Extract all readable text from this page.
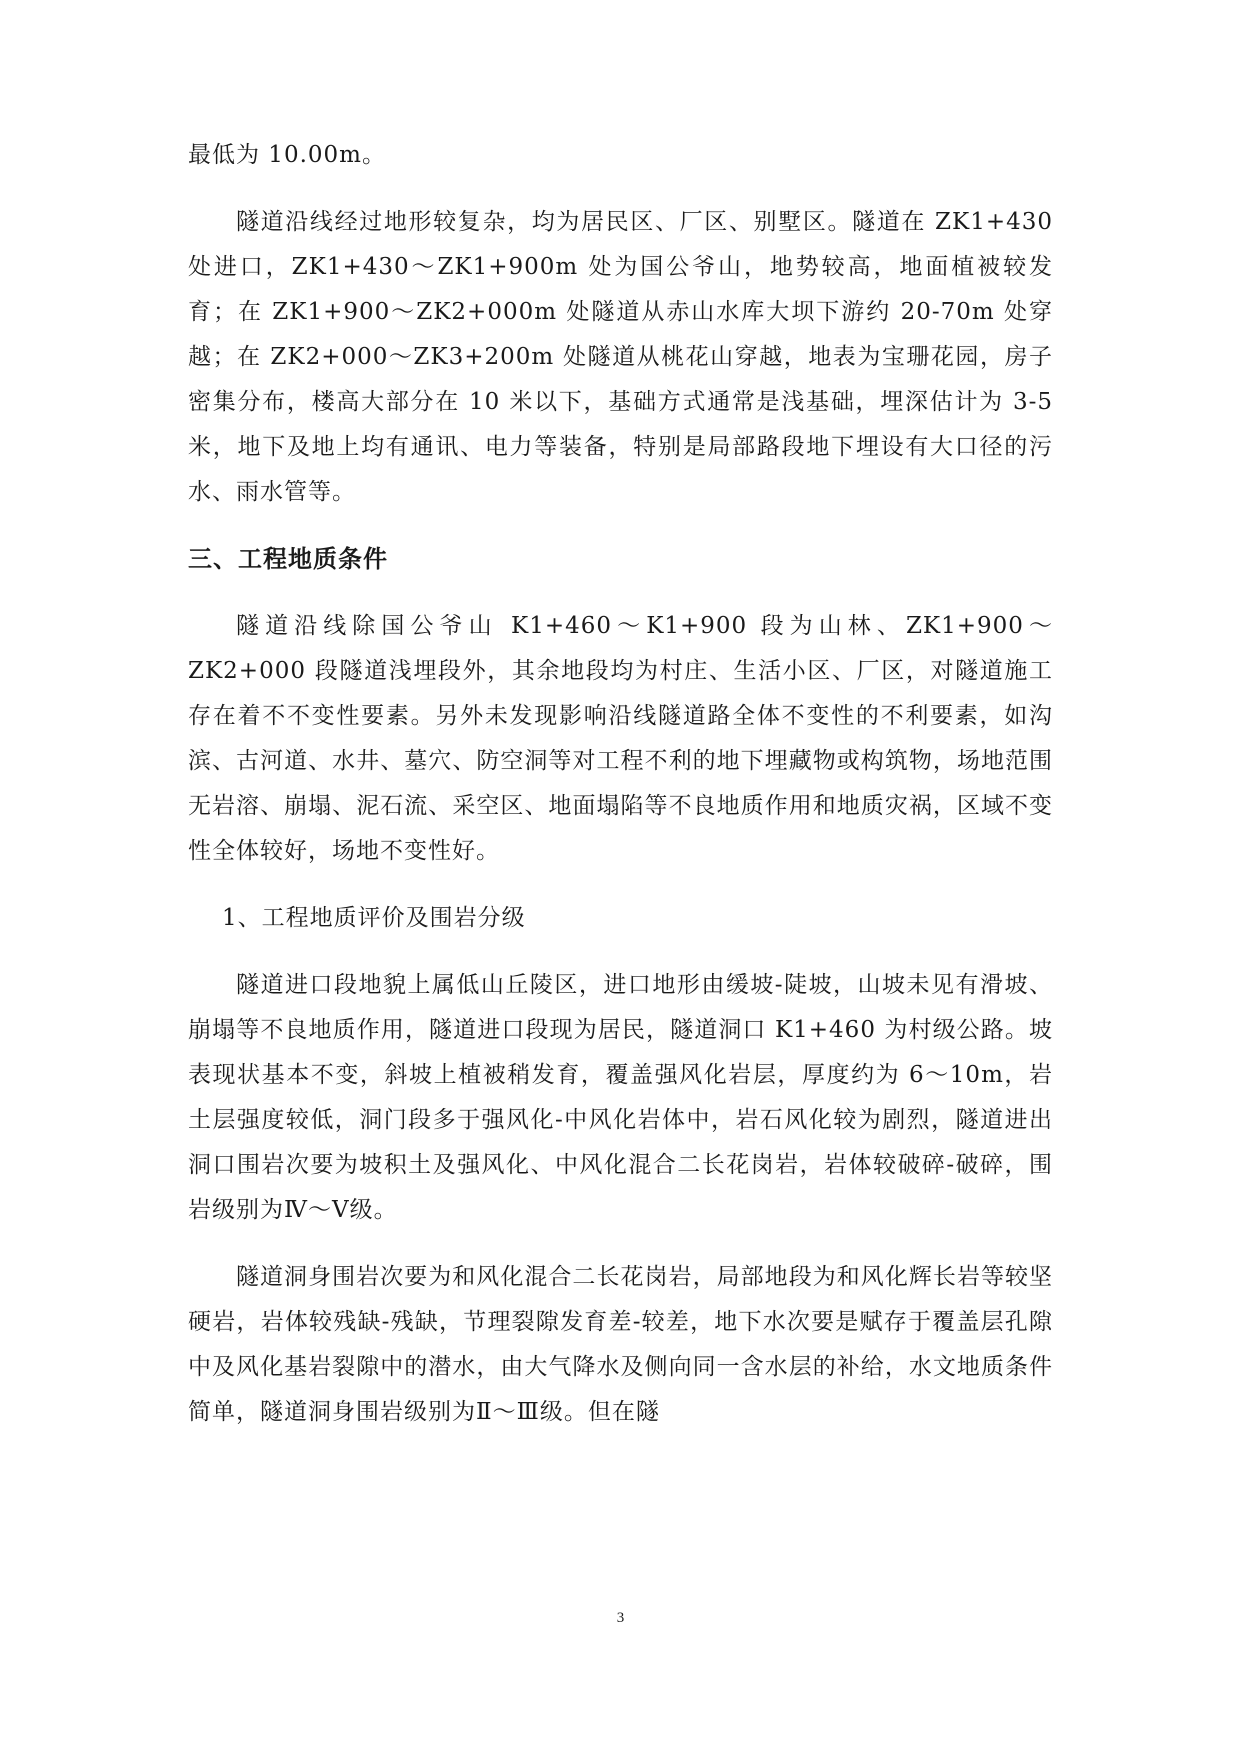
最低为 10.00m。

隧道沿线经过地形较复杂，均为居民区、厂区、别墅区。隧道在 ZK1+430 处进口，ZK1+430～ZK1+900m 处为国公爷山，地势较高，地面植被较发育；在 ZK1+900～ZK2+000m 处隧道从赤山水库大坝下游约 20-70m 处穿越；在 ZK2+000～ZK3+200m 处隧道从桃花山穿越，地表为宝珊花园，房子密集分布，楼高大部分在 10 米以下，基础方式通常是浅基础，埋深估计为 3-5 米，地下及地上均有通讯、电力等装备，特别是局部路段地下埋设有大口径的污水、雨水管等。

三、工程地质条件

隧道沿线除国公爷山 K1+460～K1+900 段为山林、ZK1+900～ZK2+000 段隧道浅埋段外，其余地段均为村庄、生活小区、厂区，对隧道施工存在着不不变性要素。另外未发现影响沿线隧道路全体不变性的不利要素，如沟滨、古河道、水井、墓穴、防空洞等对工程不利的地下埋藏物或构筑物，场地范围无岩溶、崩塌、泥石流、采空区、地面塌陷等不良地质作用和地质灾祸，区域不变性全体较好，场地不变性好。

1、工程地质评价及围岩分级

隧道进口段地貌上属低山丘陵区，进口地形由缓坡-陡坡，山坡未见有滑坡、崩塌等不良地质作用，隧道进口段现为居民，隧道洞口 K1+460 为村级公路。坡表现状基本不变，斜坡上植被稍发育，覆盖强风化岩层，厚度约为 6～10m，岩土层强度较低，洞门段多于强风化-中风化岩体中，岩石风化较为剧烈，隧道进出洞口围岩次要为坡积土及强风化、中风化混合二长花岗岩，岩体较破碎-破碎，围岩级别为Ⅳ～Ⅴ级。

隧道洞身围岩次要为和风化混合二长花岗岩，局部地段为和风化辉长岩等较坚硬岩，岩体较残缺-残缺，节理裂隙发育差-较差，地下水次要是赋存于覆盖层孔隙中及风化基岩裂隙中的潜水，由大气降水及侧向同一含水层的补给，水文地质条件简单，隧道洞身围岩级别为Ⅱ～Ⅲ级。但在隧

3
